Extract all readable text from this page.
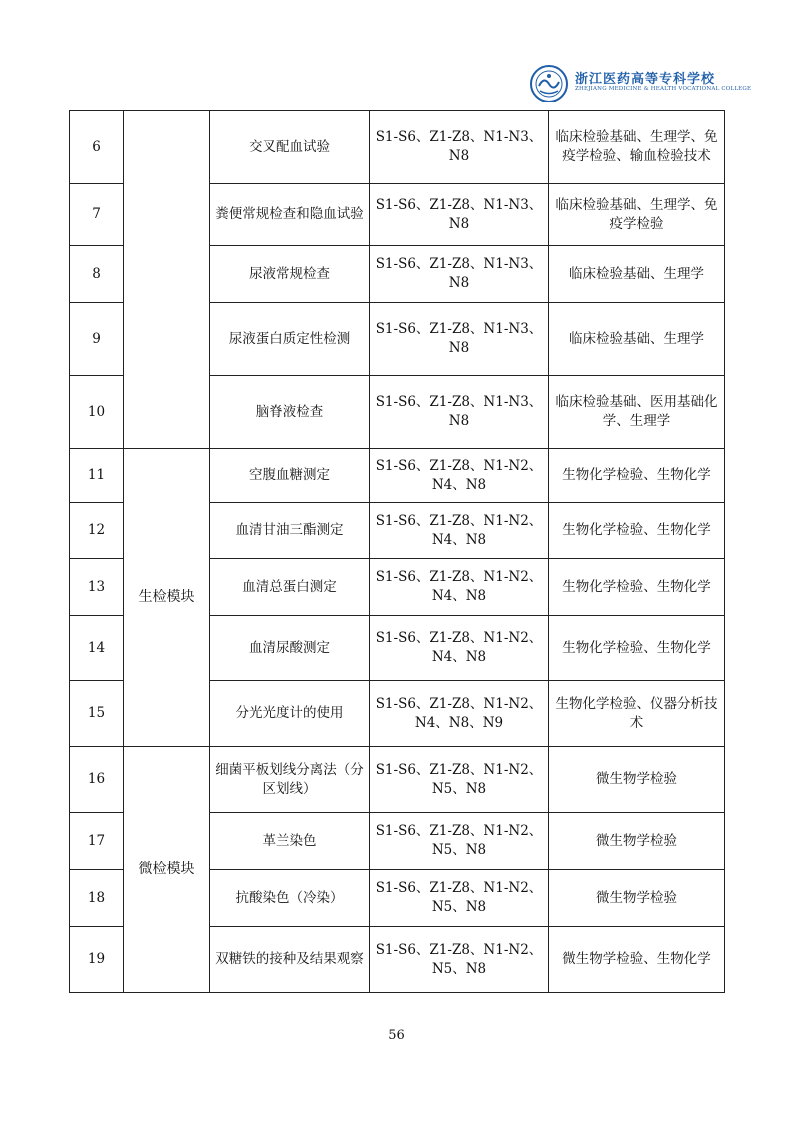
浙江医药高等专科学校
ZHEJIANG MEDICINE & HEALTH VOCATIONAL COLLEGE
6		交叉配血试验	S1-S6、Z1-Z8、N1-N3、N8	临床检验基础、生理学、免疫学检验、输血检验技术
7		粪便常规检查和隐血试验	S1-S6、Z1-Z8、N1-N3、N8	临床检验基础、生理学、免疫学检验
8		尿液常规检查	S1-S6、Z1-Z8、N1-N3、N8	临床检验基础、生理学
9		尿液蛋白质定性检测	S1-S6、Z1-Z8、N1-N3、N8	临床检验基础、生理学
10		脑脊液检查	S1-S6、Z1-Z8、N1-N3、N8	临床检验基础、医用基础化学、生理学
11	生检模块	空腹血糖测定	S1-S6、Z1-Z8、N1-N2、N4、N8	生物化学检验、生物化学
12		血清甘油三酯测定	S1-S6、Z1-Z8、N1-N2、N4、N8	生物化学检验、生物化学
13		血清总蛋白测定	S1-S6、Z1-Z8、N1-N2、N4、N8	生物化学检验、生物化学
14		血清尿酸测定	S1-S6、Z1-Z8、N1-N2、N4、N8	生物化学检验、生物化学
15		分光光度计的使用	S1-S6、Z1-Z8、N1-N2、N4、N8、N9	生物化学检验、仪器分析技术
16	微检模块	细菌平板划线分离法（分区划线）	S1-S6、Z1-Z8、N1-N2、N5、N8	微生物学检验
17		革兰染色	S1-S6、Z1-Z8、N1-N2、N5、N8	微生物学检验
18		抗酸染色（冷染）	S1-S6、Z1-Z8、N1-N2、N5、N8	微生物学检验
19		双糖铁的接种及结果观察	S1-S6、Z1-Z8、N1-N2、N5、N8	微生物学检验、生物化学
56
